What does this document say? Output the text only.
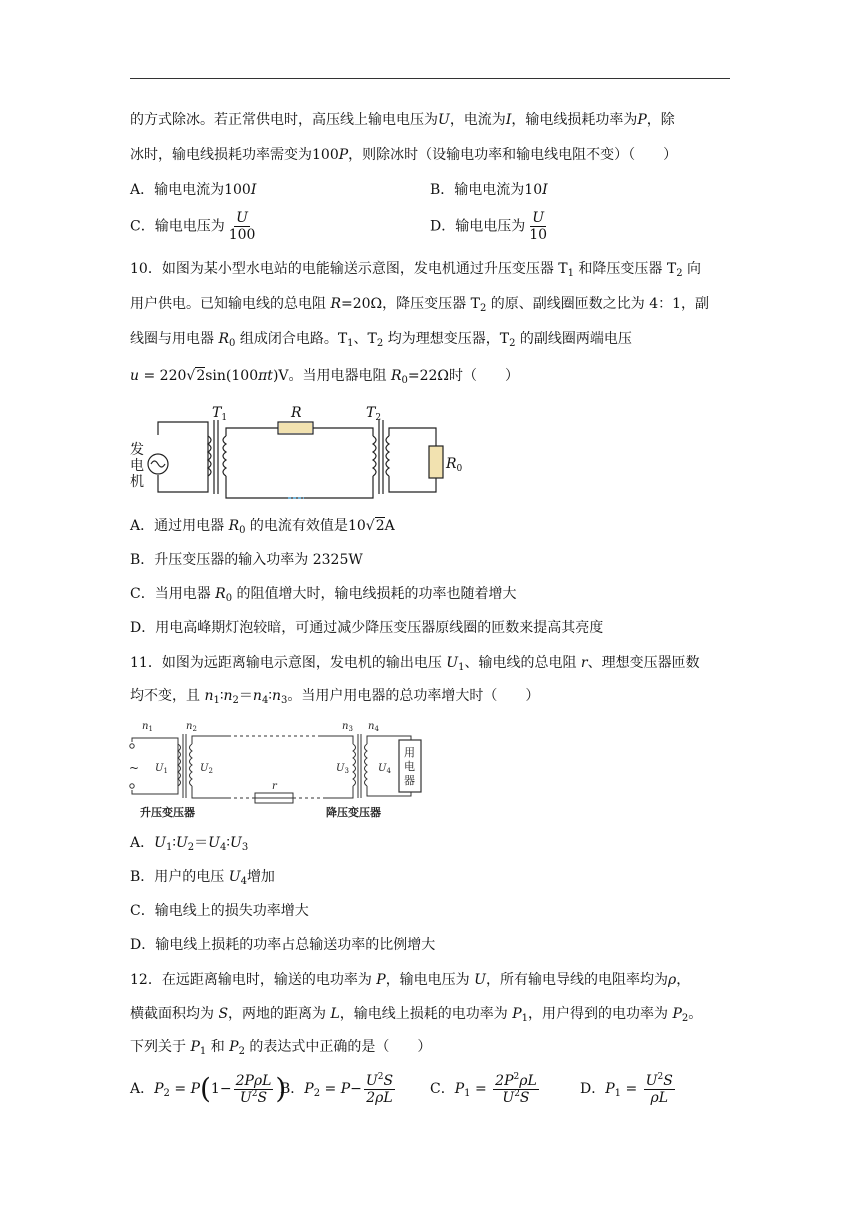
的方式除冰。若正常供电时，高压线上输电电压为U，电流为I，输电线损耗功率为P，除
冰时，输电线损耗功率需变为100P，则除冰时（设输电功率和输电线电阻不变）（　　）
A．输电电流为100I	B．输电电流为10I
C．输电电压为 $\frac{U}{100}$	D．输电电压为 $\frac{U}{10}$
10．如图为某小型水电站的电能输送示意图，发电机通过升压变压器 $T_1$ 和降压变压器 $T_2$ 向
用户供电。已知输电线的总电阻 R=20Ω，降压变压器 $T_2$ 的原、副线圈匝数之比为 4：1，副
线圈与用电器 $R_0$ 组成闭合电路。$T_1$、$T_2$ 均为理想变压器，$T_2$ 的副线圈两端电压
u = 220√2sin(100πt)V。当用电器电阻 $R_0=22\Omega$时（　　）
$T_1$	R	$T_2$
$R_0$
发
电
机
A．通过用电器 $R_0$ 的电流有效值是10√2A
B．升压变压器的输入功率为 2325W
C．当用电器 $R_0$ 的阻值增大时，输电线损耗的功率也随着增大
D．用电高峰期灯泡较暗，可通过减少降压变压器原线圈的匝数来提高其亮度
11．如图为远距离输电示意图，发电机的输出电压 $U_1$、输电线的总电阻 r、理想变压器匝数
均不变，且 $n_1∶n_2=n_4∶n_3$。当用户用电器的总功率增大时（　　）
$n_1$	$n_2$	$n_3$ $n_4$
$U_1$	$U_2$	$U_3$	$U_4$
r
~
用
电
器
升压变压器	降压变压器
A．$U_1∶U_2=U_4∶U_3$
B．用户的电压 $U_4$增加
C．输电线上的损失功率增大
D．输电线上损耗的功率占总输送功率的比例增大
12．在远距离输电时，输送的电功率为 P，输电电压为 U，所有输电导线的电阻率均为ρ，
横截面积均为 S，两地的距离为 L，输电线上损耗的电功率为 $P_1$，用户得到的电功率为 $P_2$。
下列关于 $P_1$ 和 $P_2$ 的表达式中正确的是（　　）
A．$P_2 = P(1- \frac{\text{2PρL}}{U^2S}$ )
B．$P_2 = P- \frac{U^2S}{2\rho L}$ C．$P_1 = \frac{2P^2\rho L}{U^2S}$	D．$P_1 = \frac{U^2S}{\rho L}$
